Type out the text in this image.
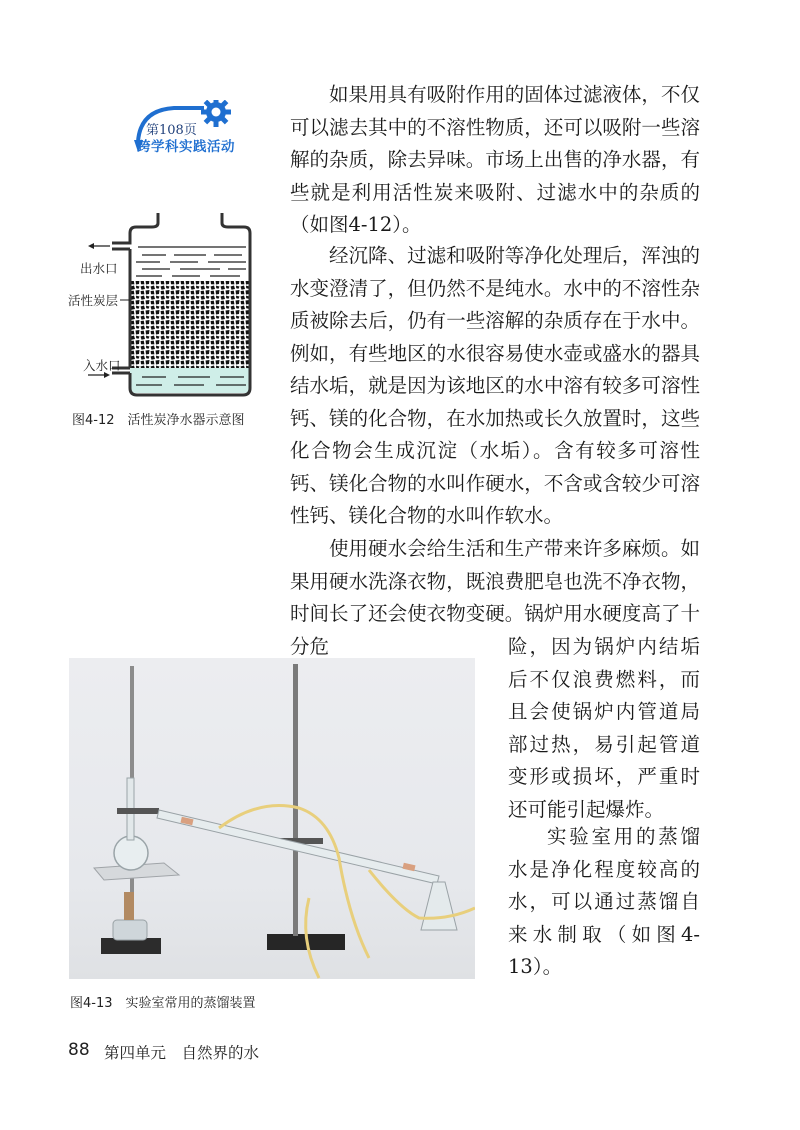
第108页
跨学科实践活动

如果用具有吸附作用的固体过滤液体，不仅可以滤去其中的不溶性物质，还可以吸附一些溶解的杂质，除去异味。市场上出售的净水器，有些就是利用活性炭来吸附、过滤水中的杂质的（如图4-12）。

经沉降、过滤和吸附等净化处理后，浑浊的水变澄清了，但仍然不是纯水。水中的不溶性杂质被除去后，仍有一些溶解的杂质存在于水中。例如，有些地区的水很容易使水壶或盛水的器具结水垢，就是因为该地区的水中溶有较多可溶性钙、镁的化合物，在水加热或长久放置时，这些化合物会生成沉淀（水垢）。含有较多可溶性钙、镁化合物的水叫作硬水，不含或含较少可溶性钙、镁化合物的水叫作软水。

使用硬水会给生活和生产带来许多麻烦。如果用硬水洗涤衣物，既浪费肥皂也洗不净衣物，时间长了还会使衣物变硬。锅炉用水硬度高了十分危	险，因为锅炉内结垢后不仅浪费燃料，而且会使锅炉内管道局部过热，易引起管道变形或损坏，严重时还可能引起爆炸。

实验室用的蒸馏水是净化程度较高的水，可以通过蒸馏自来水制取（如图4-13）。

出水口
活性炭层
入水口
图4-12　活性炭净水器示意图
图4-13　实验室常用的蒸馏装置
88 第四单元　自然界的水
